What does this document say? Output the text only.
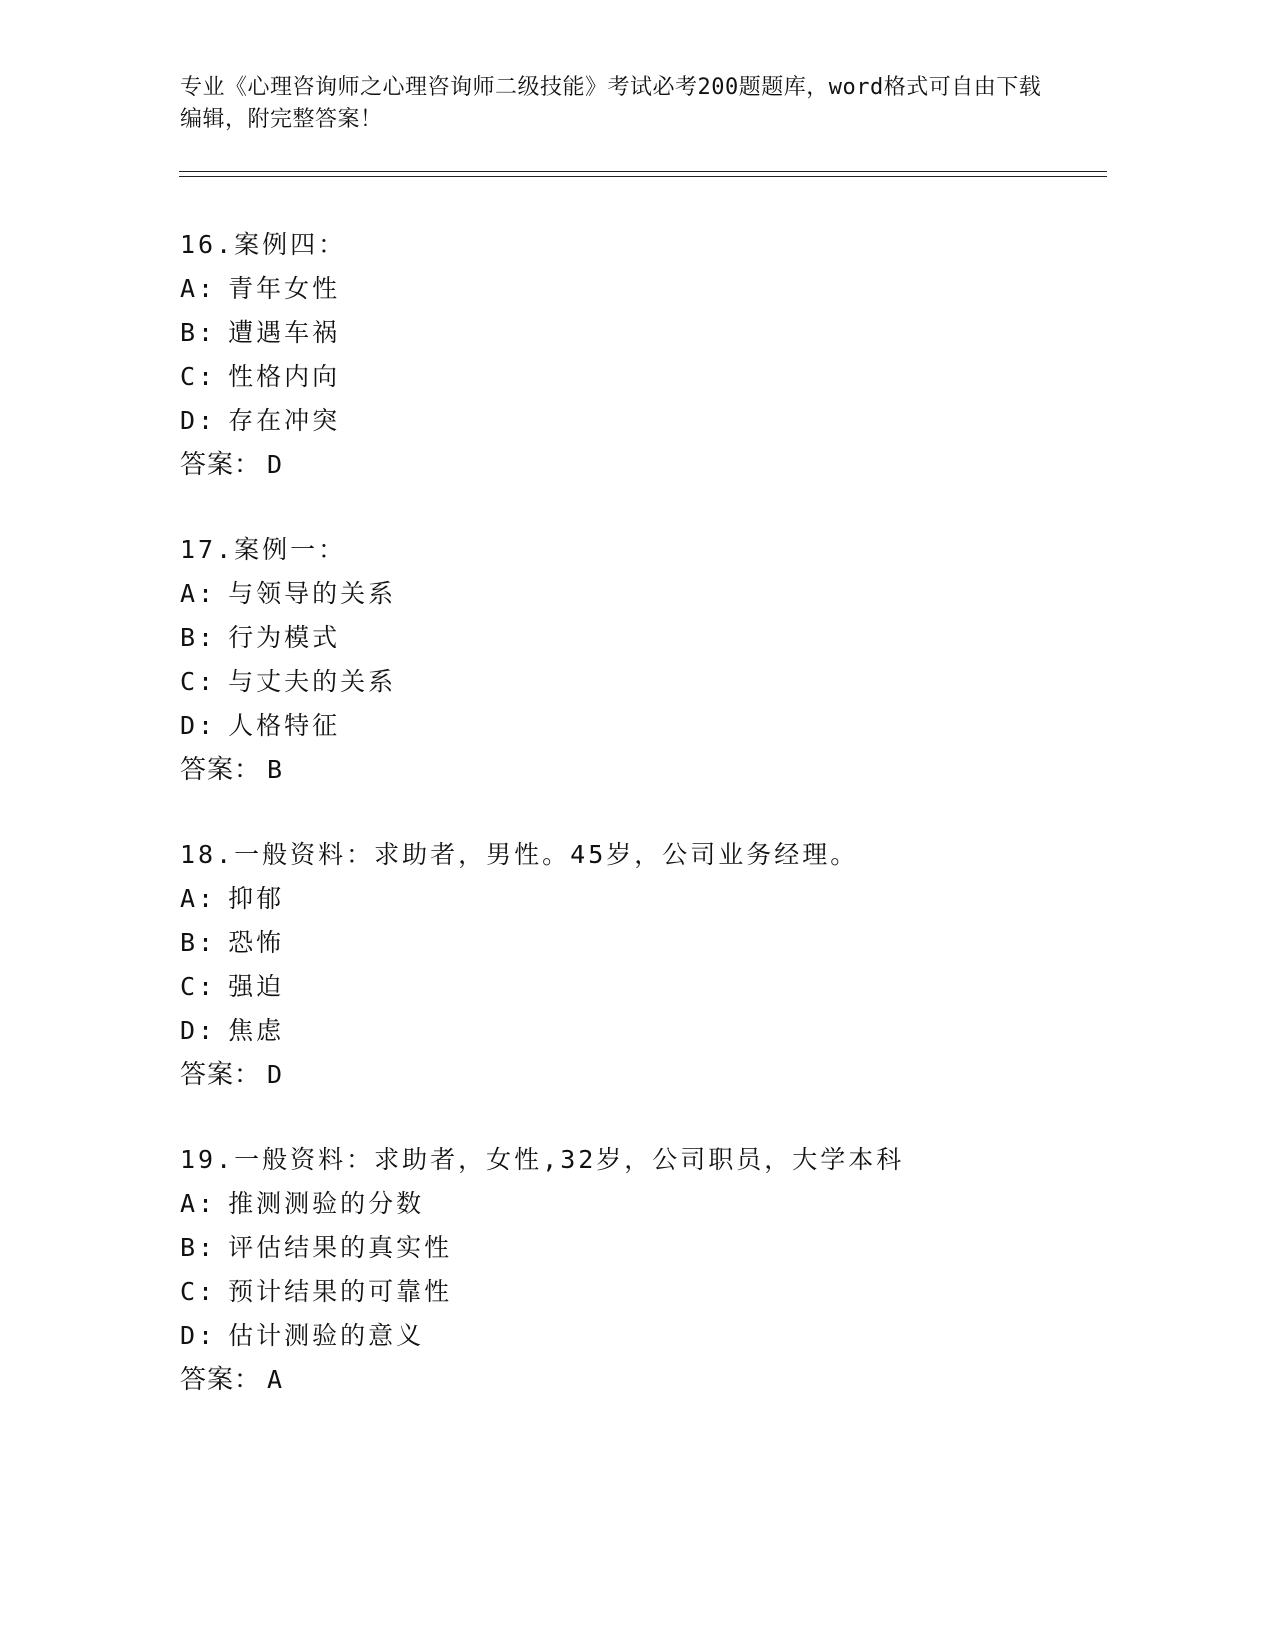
专业《心理咨询师之心理咨询师二级技能》考试必考200题题库，word格式可自由下载编辑，附完整答案！
16.案例四：
A: 青年女性
B: 遭遇车祸
C: 性格内向
D: 存在冲突
答案： D
17.案例一：
A: 与领导的关系
B: 行为模式
C: 与丈夫的关系
D: 人格特征
答案： B
18.一般资料：求助者，男性。45岁，公司业务经理。
A: 抑郁
B: 恐怖
C: 强迫
D: 焦虑
答案： D
19.一般资料：求助者，女性,32岁，公司职员，大学本科
A: 推测测验的分数
B: 评估结果的真实性
C: 预计结果的可靠性
D: 估计测验的意义
答案： A
